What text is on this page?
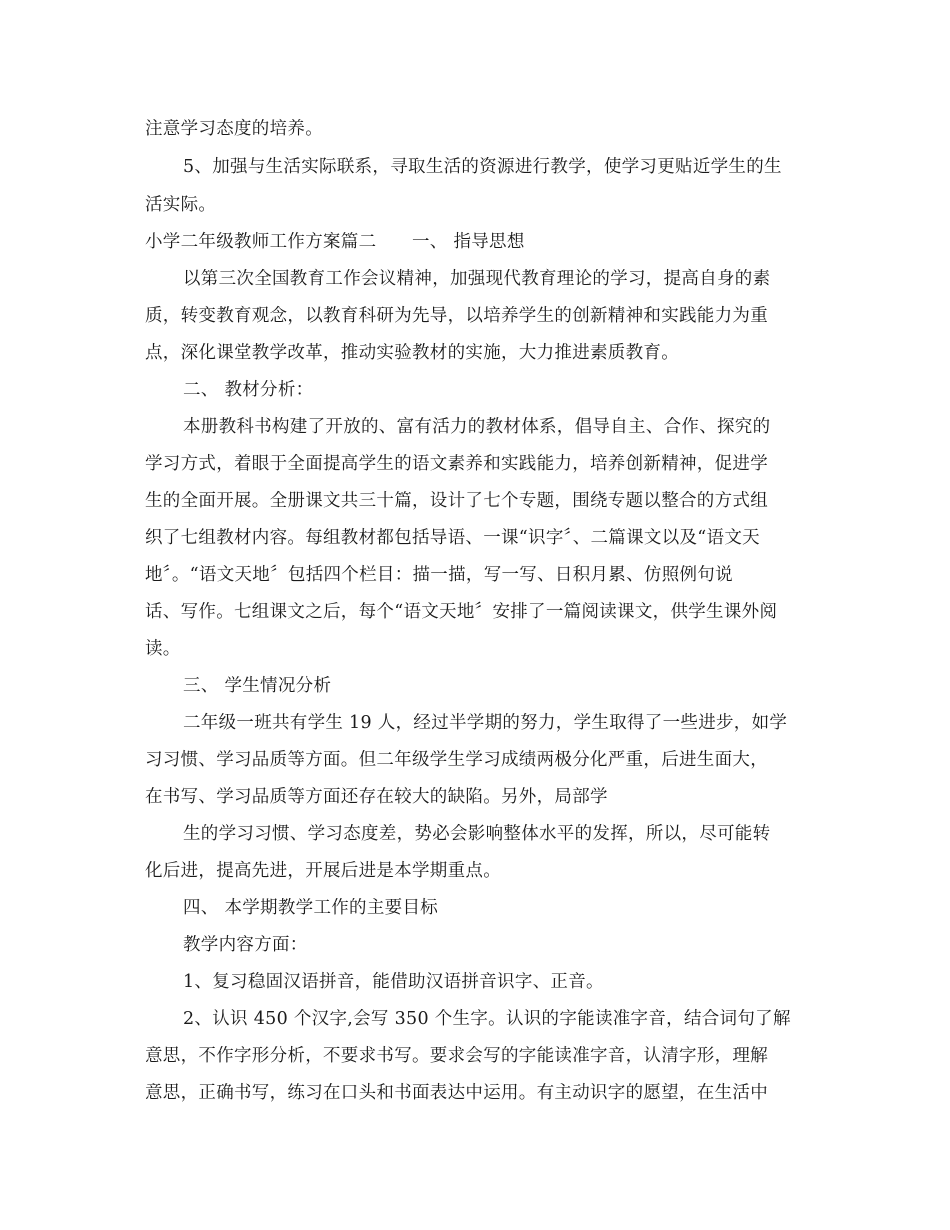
注意学习态度的培养。
5、加强与生活实际联系，寻取生活的资源进行教学，使学习更贴近学生的生
活实际。
小学二年级教师工作方案篇二　　一、 指导思想
以第三次全国教育工作会议精神，加强现代教育理论的学习，提高自身的素
质，转变教育观念，以教育科研为先导，以培养学生的创新精神和实践能力为重
点，深化课堂教学改革，推动实验教材的实施，大力推进素质教育。
二、 教材分析：
本册教科书构建了开放的、富有活力的教材体系，倡导自主、合作、探究的
学习方式，着眼于全面提高学生的语文素养和实践能力，培养创新精神，促进学
生的全面开展。全册课文共三十篇，设计了七个专题，围绕专题以整合的方式组
织了七组教材内容。每组教材都包括导语、一课“识字〞、二篇课文以及“语文天
地〞。“语文天地〞包括四个栏目：描一描，写一写、日积月累、仿照例句说
话、写作。七组课文之后，每个“语文天地〞安排了一篇阅读课文，供学生课外阅
读。
三、 学生情况分析
二年级一班共有学生 19 人，经过半学期的努力，学生取得了一些进步，如学
习习惯、学习品质等方面。但二年级学生学习成绩两极分化严重，后进生面大，
在书写、学习品质等方面还存在较大的缺陷。另外，局部学
生的学习习惯、学习态度差，势必会影响整体水平的发挥，所以，尽可能转
化后进，提高先进，开展后进是本学期重点。
四、 本学期教学工作的主要目标
教学内容方面：
1、复习稳固汉语拼音，能借助汉语拼音识字、正音。
2、认识 450 个汉字,会写 350 个生字。认识的字能读准字音，结合词句了解
意思，不作字形分析，不要求书写。要求会写的字能读准字音，认清字形，理解
意思，正确书写，练习在口头和书面表达中运用。有主动识字的愿望，在生活中
